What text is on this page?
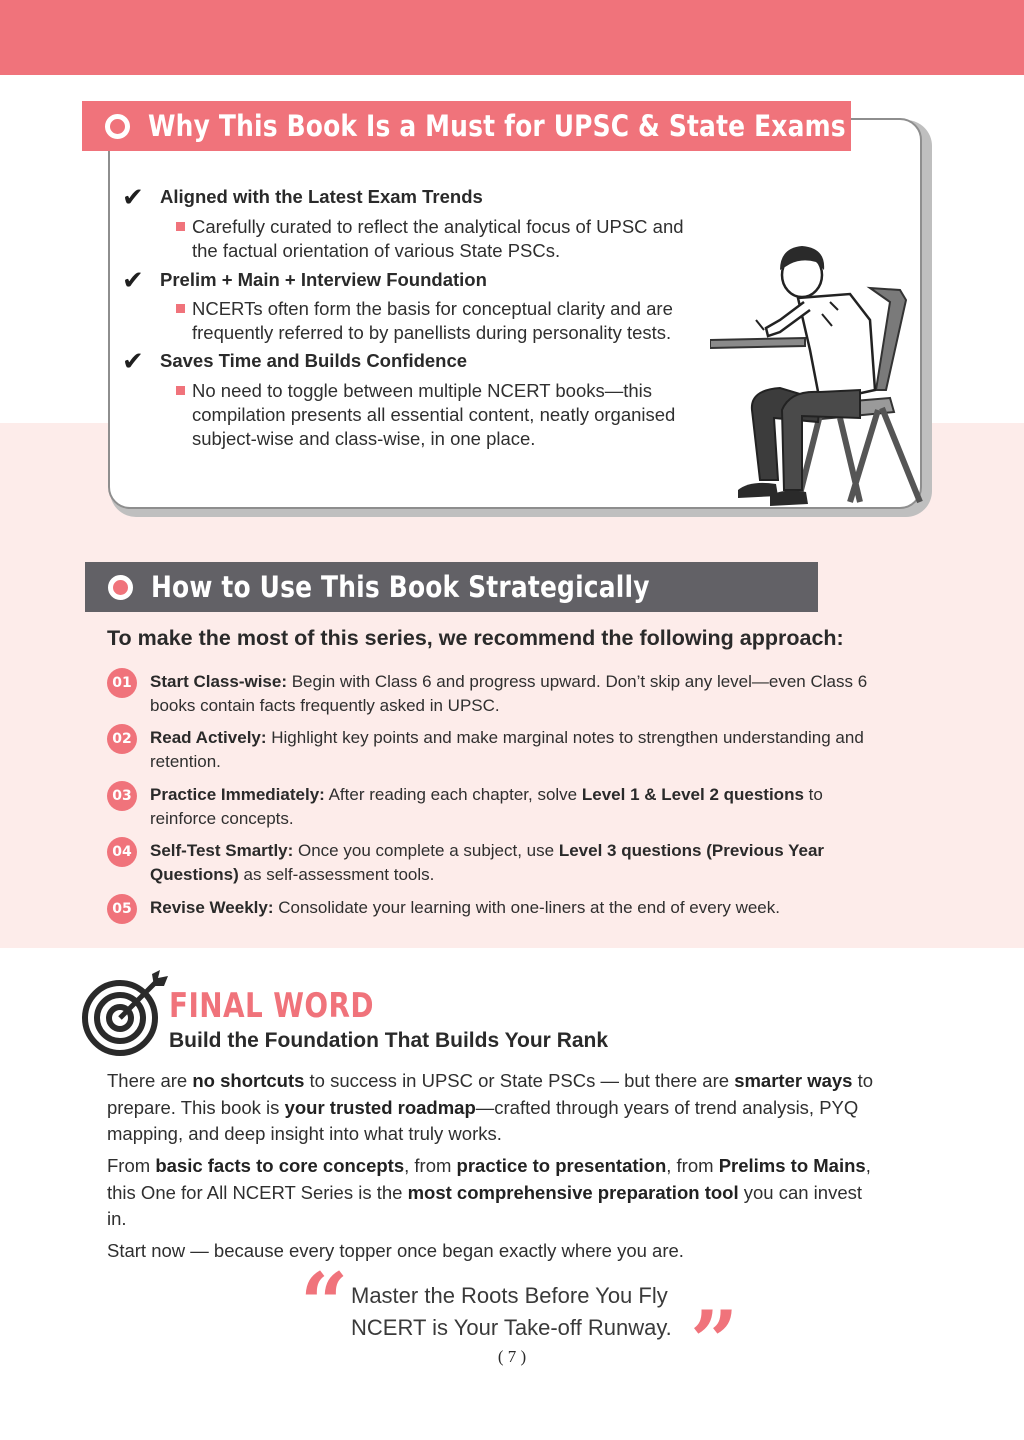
Why This Book Is a Must for UPSC & State Exams
✔ Aligned with the Latest Exam Trends
Carefully curated to reflect the analytical focus of UPSC and
the factual orientation of various State PSCs.
✔ Prelim + Main + Interview Foundation
NCERTs often form the basis for conceptual clarity and are
frequently referred to by panellists during personality tests.
✔ Saves Time and Builds Confidence
No need to toggle between multiple NCERT books—this
compilation presents all essential content, neatly organised
subject-wise and class-wise, in one place.
How to Use This Book Strategically
To make the most of this series, we recommend the following approach:
01	Start Class-wise: Begin with Class 6 and progress upward. Don’t skip any level—even Class 6
books contain facts frequently asked in UPSC.
02	Read Actively: Highlight key points and make marginal notes to strengthen understanding and
retention.
03	Practice Immediately: After reading each chapter, solve Level 1 & Level 2 questions to
reinforce concepts.
04	Self-Test Smartly: Once you complete a subject, use Level 3 questions (Previous Year
Questions) as self-assessment tools.
05	Revise Weekly: Consolidate your learning with one-liners at the end of every week.
FINAL WORD
Build the Foundation That Builds Your Rank
There are no shortcuts to success in UPSC or State PSCs — but there are smarter ways to
prepare. This book is your trusted roadmap—crafted through years of trend analysis, PYQ
mapping, and deep insight into what truly works.
From basic facts to core concepts, from practice to presentation, from Prelims to Mains,
this One for All NCERT Series is the most comprehensive preparation tool you can invest
in.
Start now — because every topper once began exactly where you are.
“ Master the Roots Before You Fly
NCERT is Your Take-off Runway. ”
( 7 )
